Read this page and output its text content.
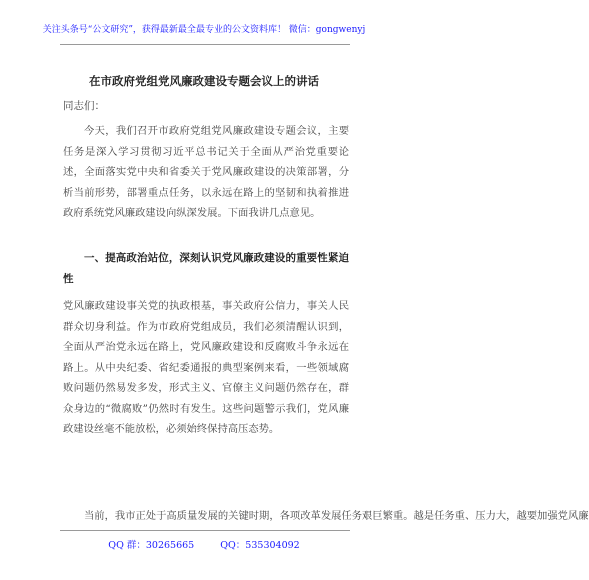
关注头条号“公文研究”，获得最新最全最专业的公文资料库！ 微信：gongwenyj
在市政府党组党风廉政建设专题会议上的讲话
同志们：

今天，我们召开市政府党组党风廉政建设专题会议，主要任务是深入学习贯彻习近平总书记关于全面从严治党重要论述，全面落实党中央和省委关于党风廉政建设的决策部署，分析当前形势，部署重点任务，以永远在路上的坚韧和执着推进政府系统党风廉政建设向纵深发展。下面我讲几点意见。

一、提高政治站位，深刻认识党风廉政建设的重要性紧迫性

党风廉政建设事关党的执政根基，事关政府公信力，事关人民群众切身利益。作为市政府党组成员，我们必须清醒认识到，全面从严治党永远在路上，党风廉政建设和反腐败斗争永远在路上。从中央纪委、省纪委通报的典型案例来看，一些领域腐败问题仍然易发多发，形式主义、官僚主义问题仍然存在，群众身边的“微腐败”仍然时有发生。这些问题警示我们，党风廉政建设丝毫不能放松，必须始终保持高压态势。

当前，我市正处于高质量发展的关键时期，各项改革发展任务艰巨繁重。越是任务重、压力大，越要加强党风廉

QQ 群：30265665	QQ：535304092
